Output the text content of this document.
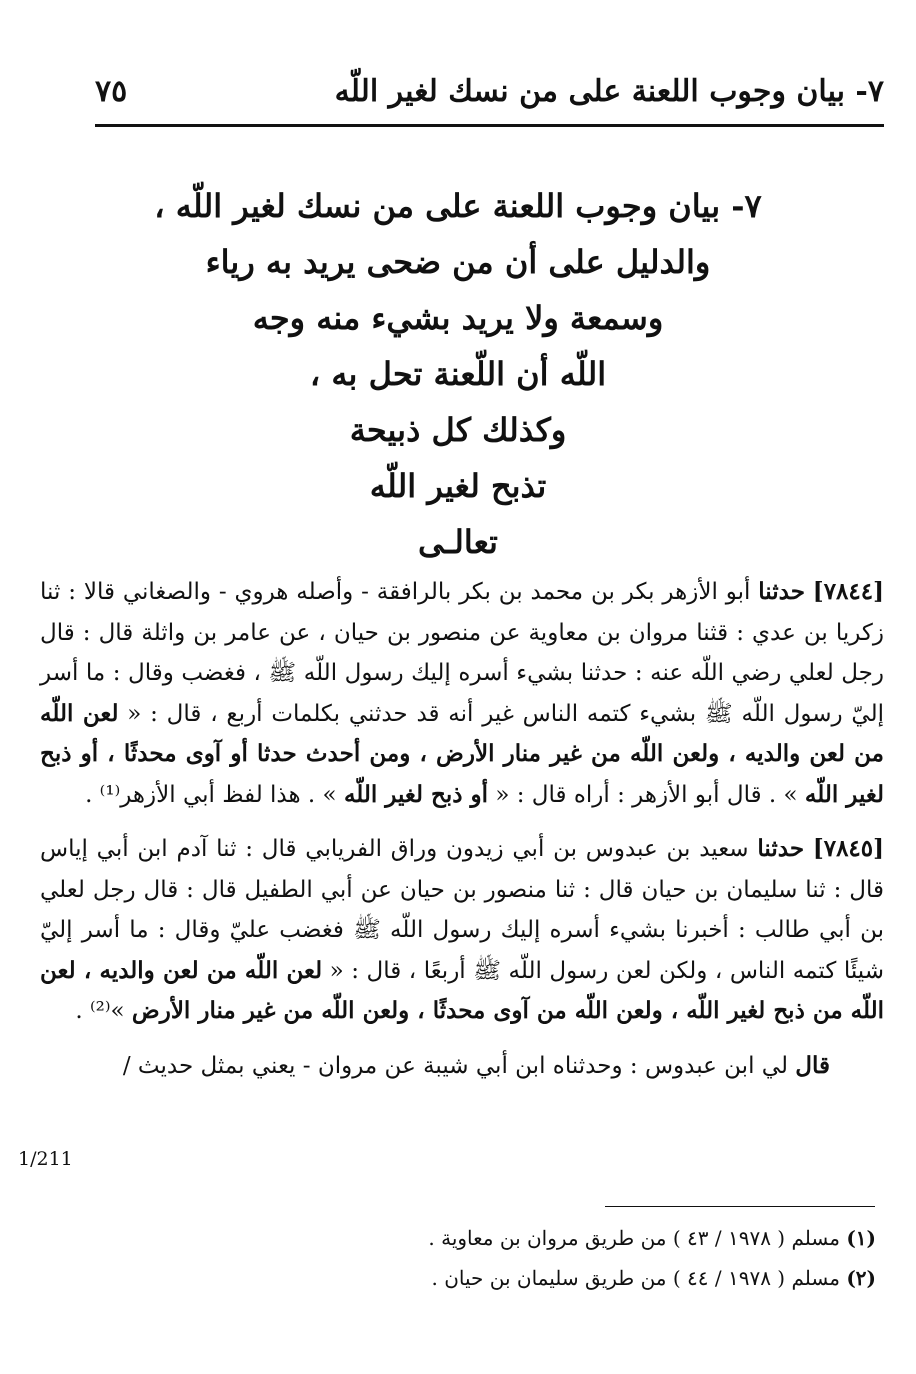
٧- بيان وجوب اللعنة على من نسك لغير اللّه
٧٥
٧- بيان وجوب اللعنة على من نسك لغير اللّه ،
والدليل على أن من ضحى يريد به رياء
وسمعة ولا يريد بشيء منه وجه
اللّه أن اللّعنة تحل به ،
وكذلك كل ذبيحة
تذبح لغير اللّه
تعالـى

[٧٨٤٤] حدثنا أبو الأزهر بكر بن محمد بن بكر بالرافقة - وأصله هروي - والصغاني قالا : ثنا زكريا بن عدي : قثنا مروان بن معاوية عن منصور بن حيان ، عن عامر بن واثلة قال : قال رجل لعلي رضي اللّه عنه : حدثنا بشيء أسره إليك رسول اللّه ﷺ ، فغضب وقال : ما أسر إليّ رسول اللّه ﷺ بشيء كتمه الناس غير أنه قد حدثني بكلمات أربع ، قال : « لعن اللّه من لعن والديه ، ولعن اللّه من غير منار الأرض ، ومن أحدث حدثا أو آوى محدثًا ، أو ذبح لغير اللّه » . قال أبو الأزهر : أراه قال : « أو ذبح لغير اللّه » . هذا لفظ أبي الأزهر⁽¹⁾ .

[٧٨٤٥] حدثنا سعيد بن عبدوس بن أبي زيدون وراق الفريابي قال : ثنا آدم ابن أبي إياس قال : ثنا سليمان بن حيان قال : ثنا منصور بن حيان عن أبي الطفيل قال : قال رجل لعلي بن أبي طالب : أخبرنا بشيء أسره إليك رسول اللّه ﷺ فغضب عليّ وقال : ما أسر إليّ شيئًا كتمه الناس ، ولكن لعن رسول اللّه ﷺ أربعًا ، قال : « لعن اللّه من لعن والديه ، لعن اللّه من ذبح لغير اللّه ، ولعن اللّه من آوى محدثًا ، ولعن اللّه من غير منار الأرض »⁽²⁾ .

قال لي ابن عبدوس : وحدثناه ابن أبي شيبة عن مروان - يعني بمثل حديث /

1/211
(١) مسلم ( ١٩٧٨ / ٤٣ ) من طريق مروان بن معاوية .
(٢) مسلم ( ١٩٧٨ / ٤٤ ) من طريق سليمان بن حيان .
